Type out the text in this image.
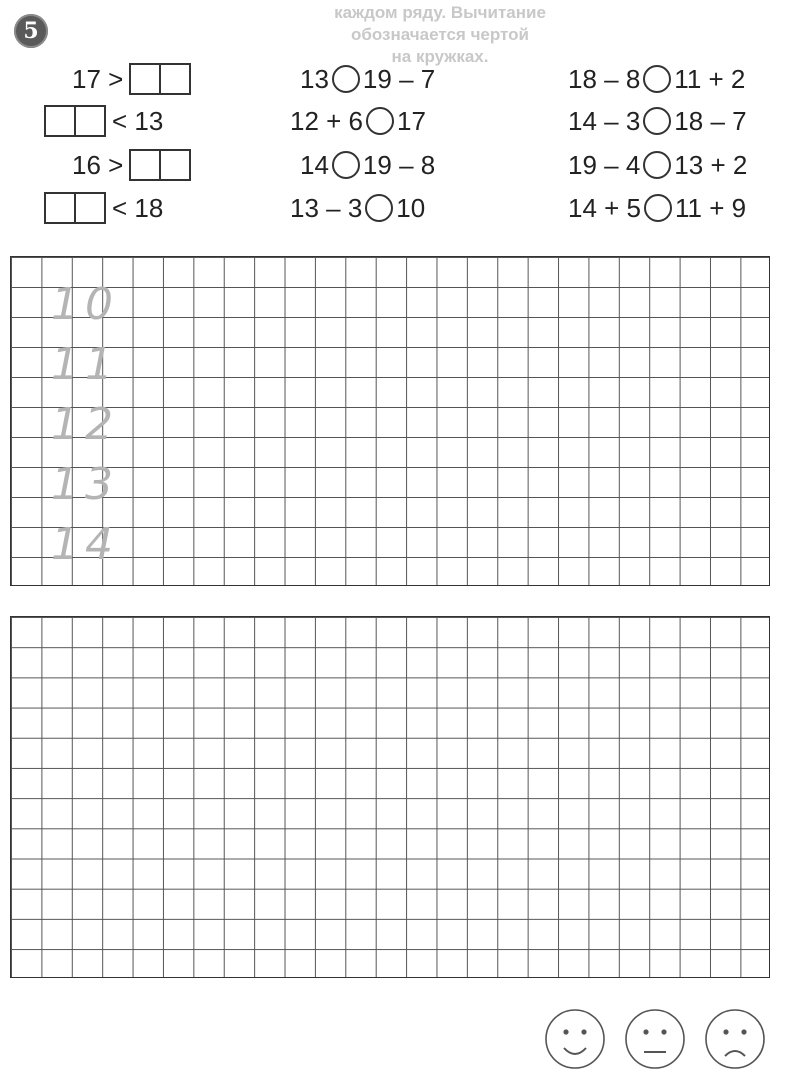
каждом ряду. Вычитание обозначается чертой
на кружках.
5
17 >
< 13
16 >
< 18
13 19 – 7
12 + 6 17
14 19 – 8
13 – 3 10
18 – 8 11 + 2
14 – 3 18 – 7
19 – 4 13 + 2
14 + 5 11 + 9
10
11
12
13
14
